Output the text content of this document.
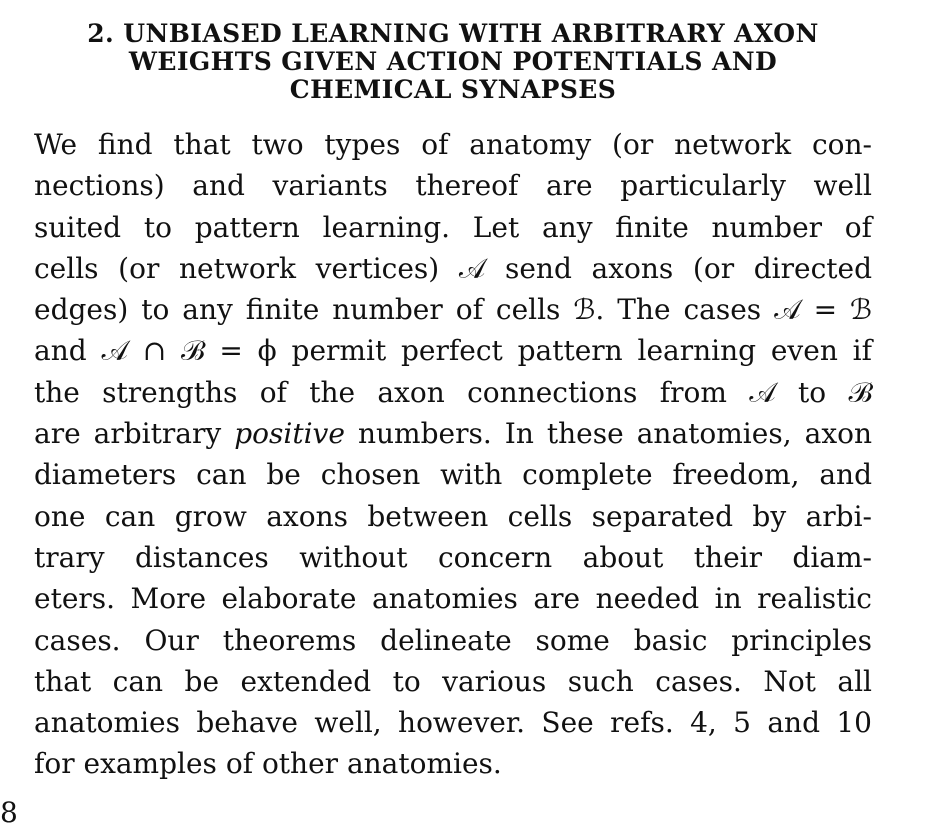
2. UNBIASED LEARNING WITH ARBITRARY AXON
WEIGHTS GIVEN ACTION POTENTIALS AND
CHEMICAL SYNAPSES
We find that two types of anatomy (or network con-
nections) and variants thereof are particularly well
suited to pattern learning. Let any finite number of
cells (or network vertices) 𝒜 send axons (or directed
edges) to any finite number of cells ℬ. The cases 𝒜 = ℬ
and 𝒜 ∩ ℬ = ϕ permit perfect pattern learning even if
the strengths of the axon connections from 𝒜 to ℬ
are arbitrary positive numbers. In these anatomies, axon
diameters can be chosen with complete freedom, and
one can grow axons between cells separated by arbi-
trary distances without concern about their diam-
eters. More elaborate anatomies are needed in realistic
cases. Our theorems delineate some basic principles
that can be extended to various such cases. Not all
anatomies behave well, however. See refs. 4, 5 and 10
for examples of other anatomies.
8
